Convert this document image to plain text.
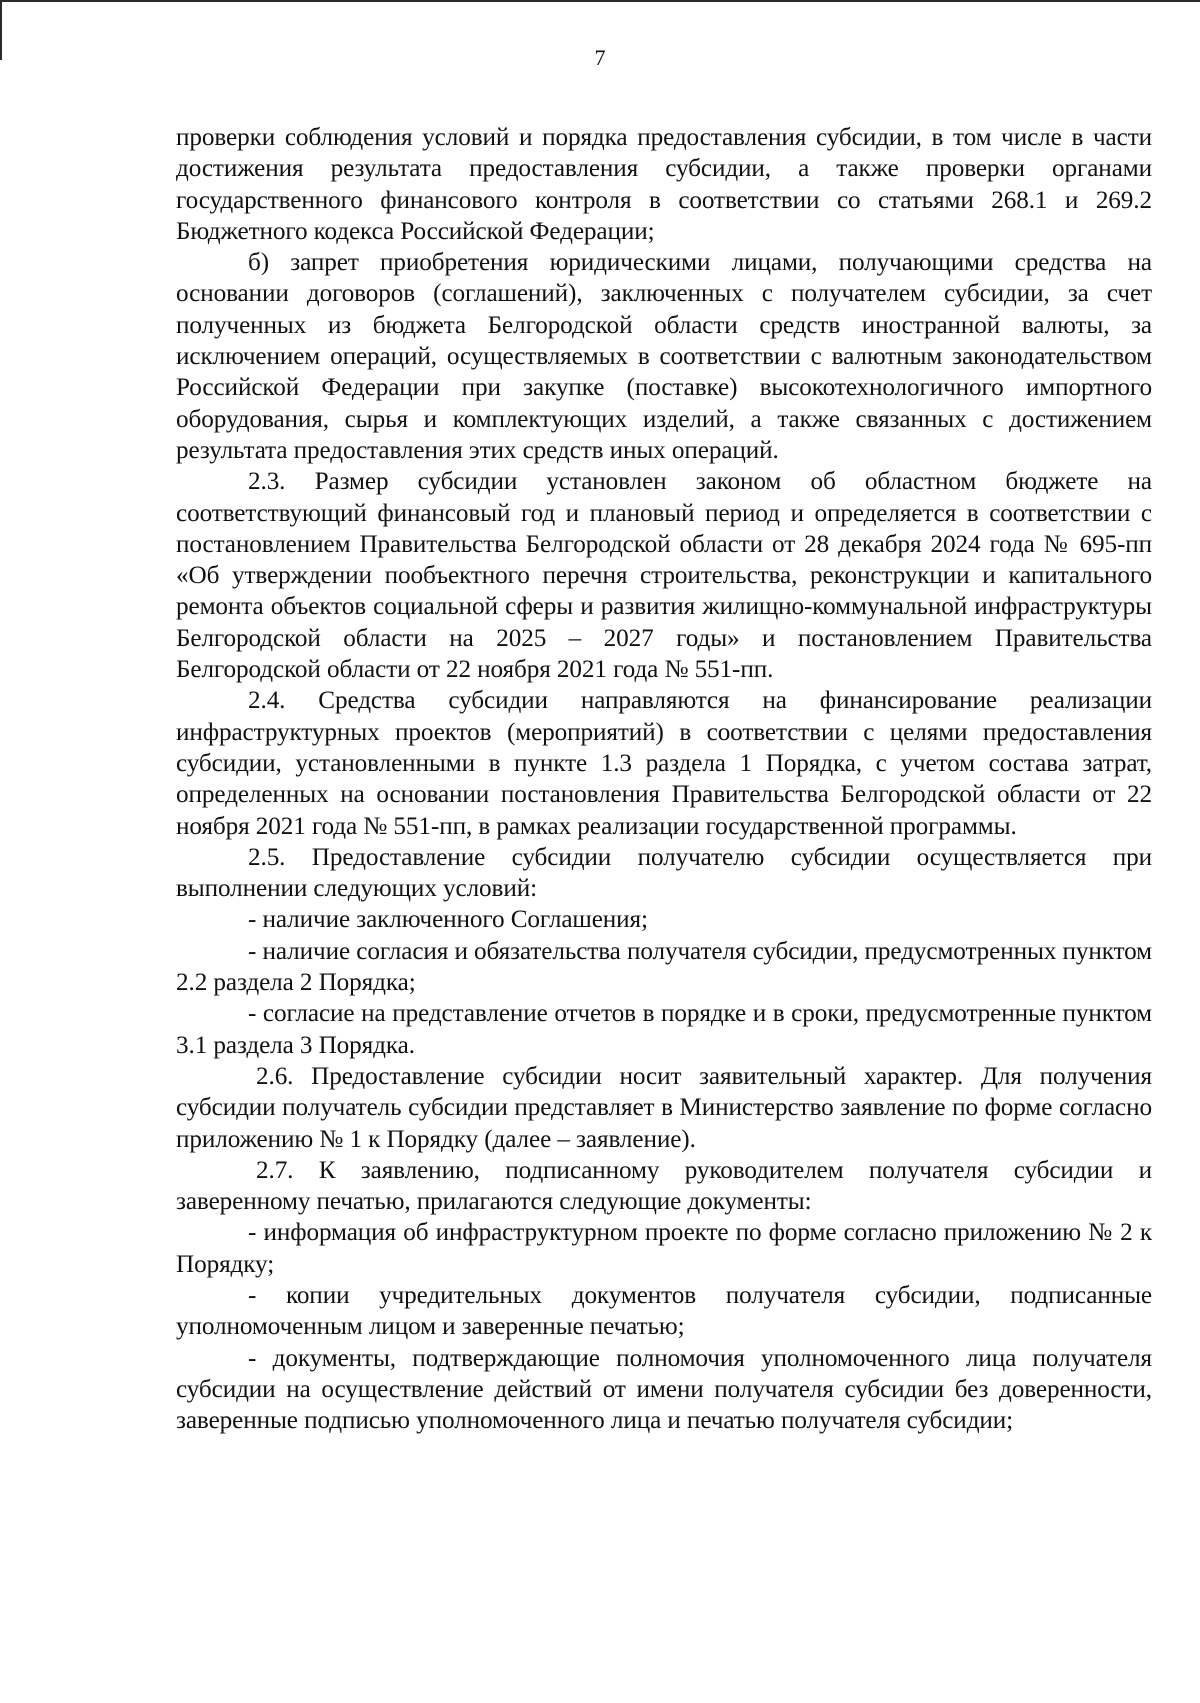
7

проверки соблюдения условий и порядка предоставления субсидии, в том числе в части достижения результата предоставления субсидии, а также проверки органами государственного финансового контроля в соответствии со статьями 268.1 и 269.2 Бюджетного кодекса Российской Федерации;

б) запрет приобретения юридическими лицами, получающими средства на основании договоров (соглашений), заключенных с получателем субсидии, за счет полученных из бюджета Белгородской области средств иностранной валюты, за исключением операций, осуществляемых в соответствии с валютным законодательством Российской Федерации при закупке (поставке) высокотехнологичного импортного оборудования, сырья и комплектующих изделий, а также связанных с достижением результата предоставления этих средств иных операций.

2.3. Размер субсидии установлен законом об областном бюджете на соответствующий финансовый год и плановый период и определяется в соответствии с постановлением Правительства Белгородской области от 28 декабря 2024 года № 695-пп «Об утверждении пообъектного перечня строительства, реконструкции и капитального ремонта объектов социальной сферы и развития жилищно-коммунальной инфраструктуры Белгородской области на 2025 – 2027 годы» и постановлением Правительства Белгородской области от 22 ноября 2021 года № 551-пп.

2.4. Средства субсидии направляются на финансирование реализации инфраструктурных проектов (мероприятий) в соответствии с целями предоставления субсидии, установленными в пункте 1.3 раздела 1 Порядка, с учетом состава затрат, определенных на основании постановления Правительства Белгородской области от 22 ноября 2021 года № 551-пп, в рамках реализации государственной программы.

2.5. Предоставление субсидии получателю субсидии осуществляется при выполнении следующих условий:

- наличие заключенного Соглашения;

- наличие согласия и обязательства получателя субсидии, предусмотренных пунктом 2.2 раздела 2 Порядка;

- согласие на представление отчетов в порядке и в сроки, предусмотренные пунктом 3.1 раздела 3 Порядка.

2.6. Предоставление субсидии носит заявительный характер. Для получения субсидии получатель субсидии представляет в Министерство заявление по форме согласно приложению № 1 к Порядку (далее – заявление).

2.7. К заявлению, подписанному руководителем получателя субсидии и заверенному печатью, прилагаются следующие документы:

- информация об инфраструктурном проекте по форме согласно приложению № 2 к Порядку;

- копии учредительных документов получателя субсидии, подписанные уполномоченным лицом и заверенные печатью;

- документы, подтверждающие полномочия уполномоченного лица получателя субсидии на осуществление действий от имени получателя субсидии без доверенности, заверенные подписью уполномоченного лица и печатью получателя субсидии;
